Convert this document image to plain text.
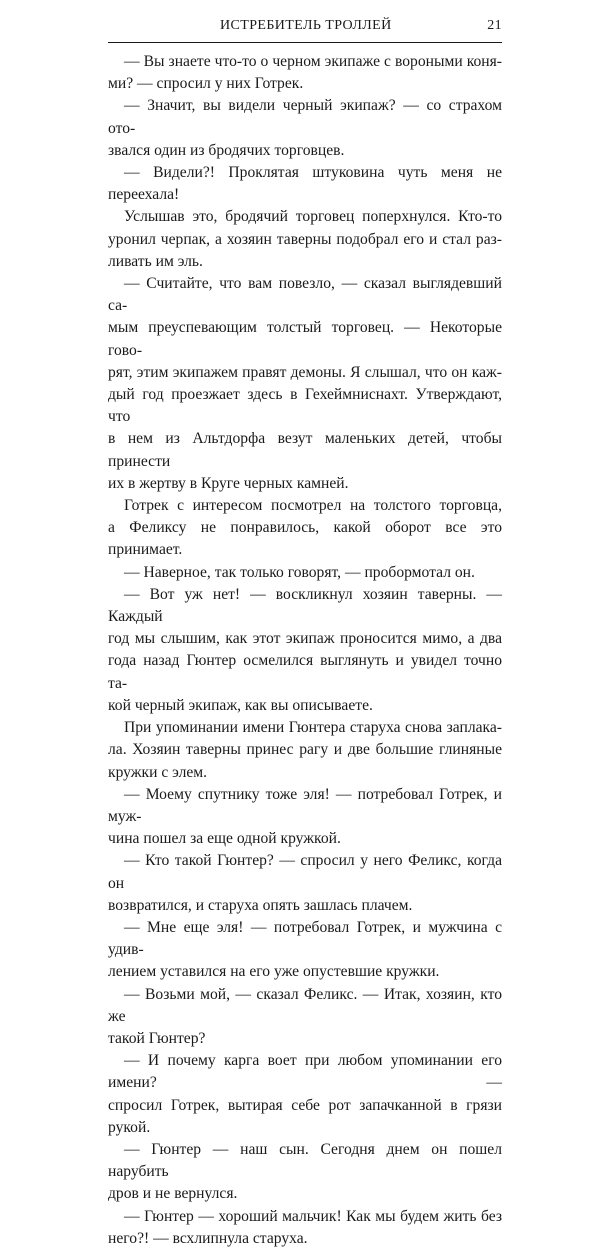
ИСТРЕБИТЕЛЬ ТРОЛЛЕЙ	21

— Вы знаете что-то о черном экипаже с вороными коня-

ми? — спросил у них Готрек.

— Значит, вы видели черный экипаж? — со страхом ото-

звался один из бродячих торговцев.

— Видели?! Проклятая штуковина чуть меня не переехала!

Услышав это, бродячий торговец поперхнулся. Кто-то

уронил черпак, а хозяин таверны подобрал его и стал раз-

ливать им эль.

— Считайте, что вам повезло, — сказал выглядевший са-

мым преуспевающим толстый торговец. — Некоторые гово-

рят, этим экипажем правят демоны. Я слышал, что он каж-

дый год проезжает здесь в Гехеймниснахт. Утверждают, что

в нем из Альтдорфа везут маленьких детей, чтобы принести

их в жертву в Круге черных камней.

Готрек с интересом посмотрел на толстого торговца,

а Феликсу не понравилось, какой оборот все это принимает.

— Наверное, так только говорят, — пробормотал он.

— Вот уж нет! — воскликнул хозяин таверны. — Каждый

год мы слышим, как этот экипаж проносится мимо, а два

года назад Гюнтер осмелился выглянуть и увидел точно та-

кой черный экипаж, как вы описываете.

При упоминании имени Гюнтера старуха снова заплака-

ла. Хозяин таверны принес рагу и две большие глиняные

кружки с элем.

— Моему спутнику тоже эля! — потребовал Готрек, и муж-

чина пошел за еще одной кружкой.

— Кто такой Гюнтер? — спросил у него Феликс, когда он

возвратился, и старуха опять зашлась плачем.

— Мне еще эля! — потребовал Готрек, и мужчина с удив-

лением уставился на его уже опустевшие кружки.

— Возьми мой, — сказал Феликс. — Итак, хозяин, кто же

такой Гюнтер?

— И почему карга воет при любом упоминании его имени? —

спросил Готрек, вытирая себе рот запачканной в грязи рукой.

— Гюнтер — наш сын. Сегодня днем он пошел нарубить

дров и не вернулся.

— Гюнтер — хороший мальчик! Как мы будем жить без

него?! — всхлипнула старуха.
